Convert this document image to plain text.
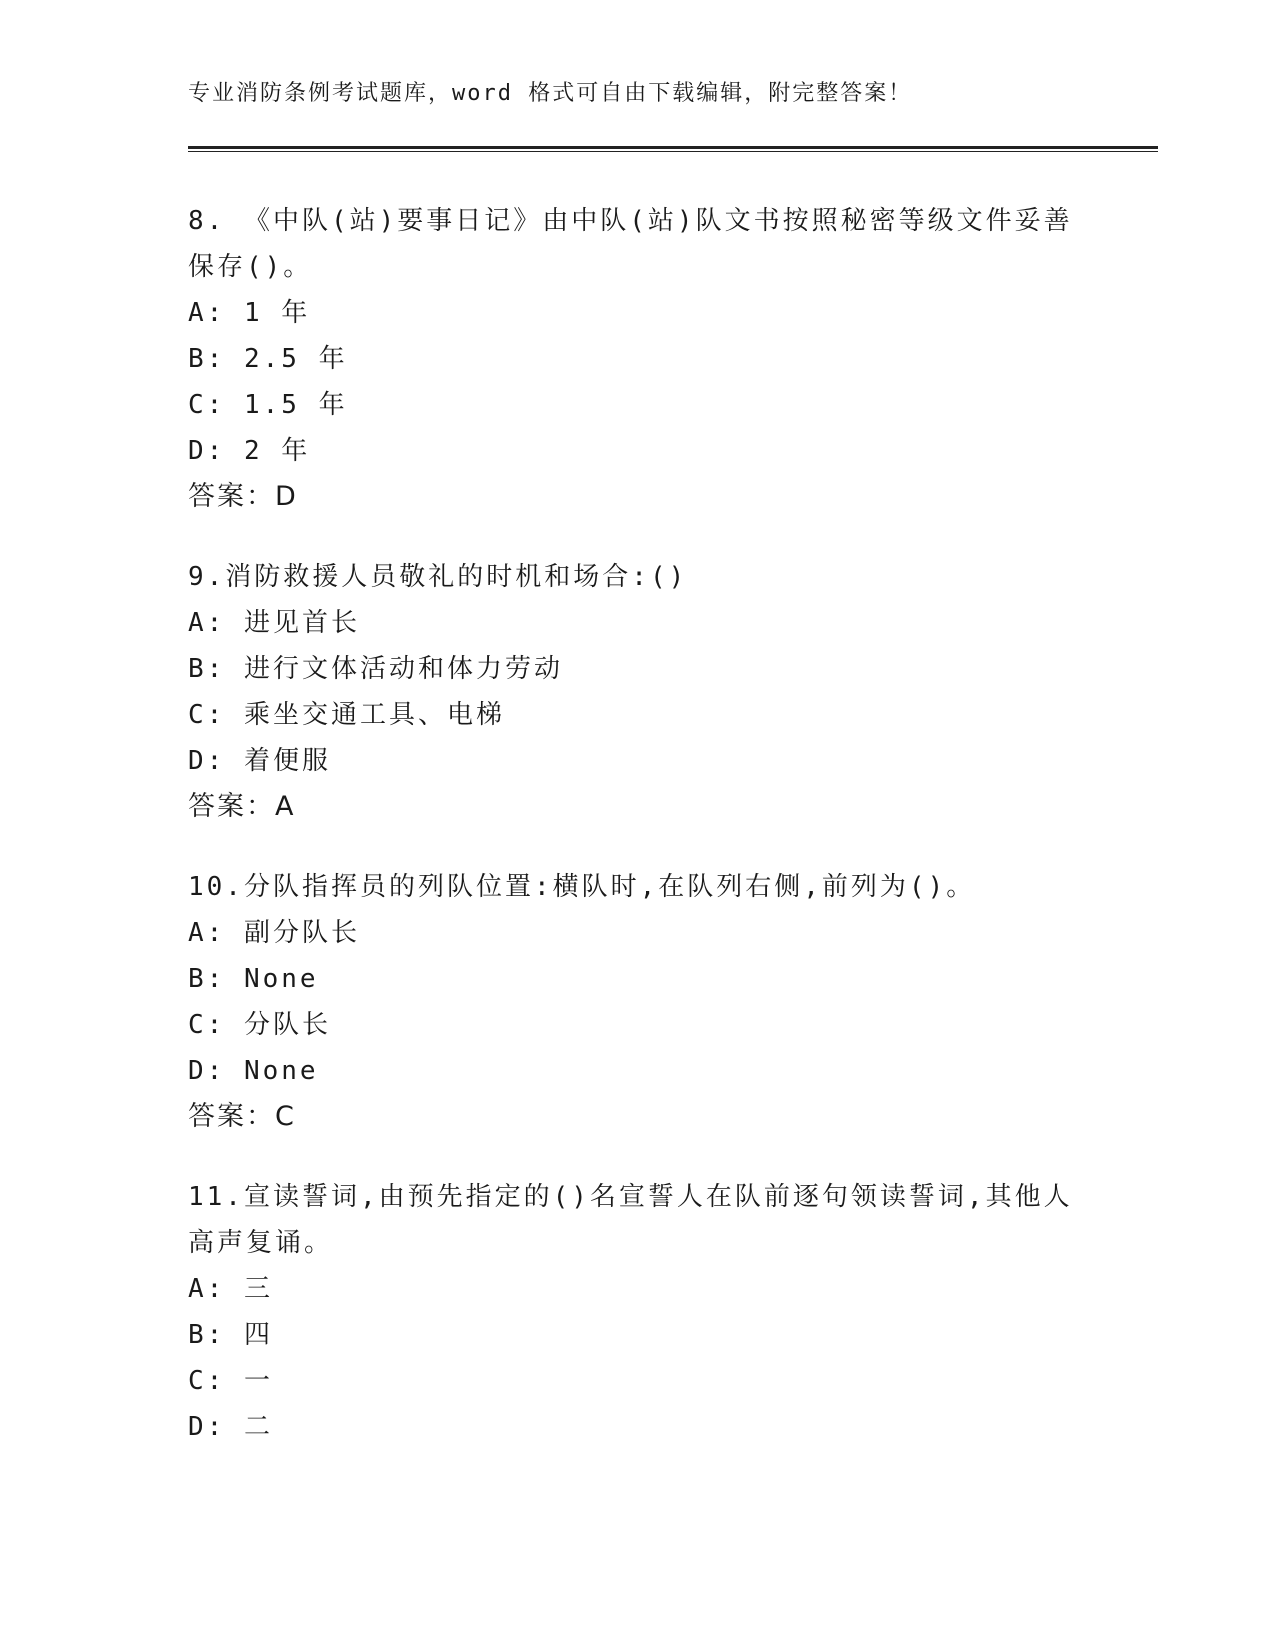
专业消防条例考试题库，word 格式可自由下载编辑，附完整答案！
8. 《中队(站)要事日记》由中队(站)队文书按照秘密等级文件妥善保存()。
A: 1 年
B: 2.5 年
C: 1.5 年
D: 2 年
答案：D
9.消防救援人员敬礼的时机和场合:()
A: 进见首长
B: 进行文体活动和体力劳动
C: 乘坐交通工具、电梯
D: 着便服
答案：A
10.分队指挥员的列队位置:横队时,在队列右侧,前列为()。
A: 副分队长
B: None
C: 分队长
D: None
答案：C
11.宣读誓词,由预先指定的()名宣誓人在队前逐句领读誓词,其他人高声复诵。
A: 三
B: 四
C: 一
D: 二
